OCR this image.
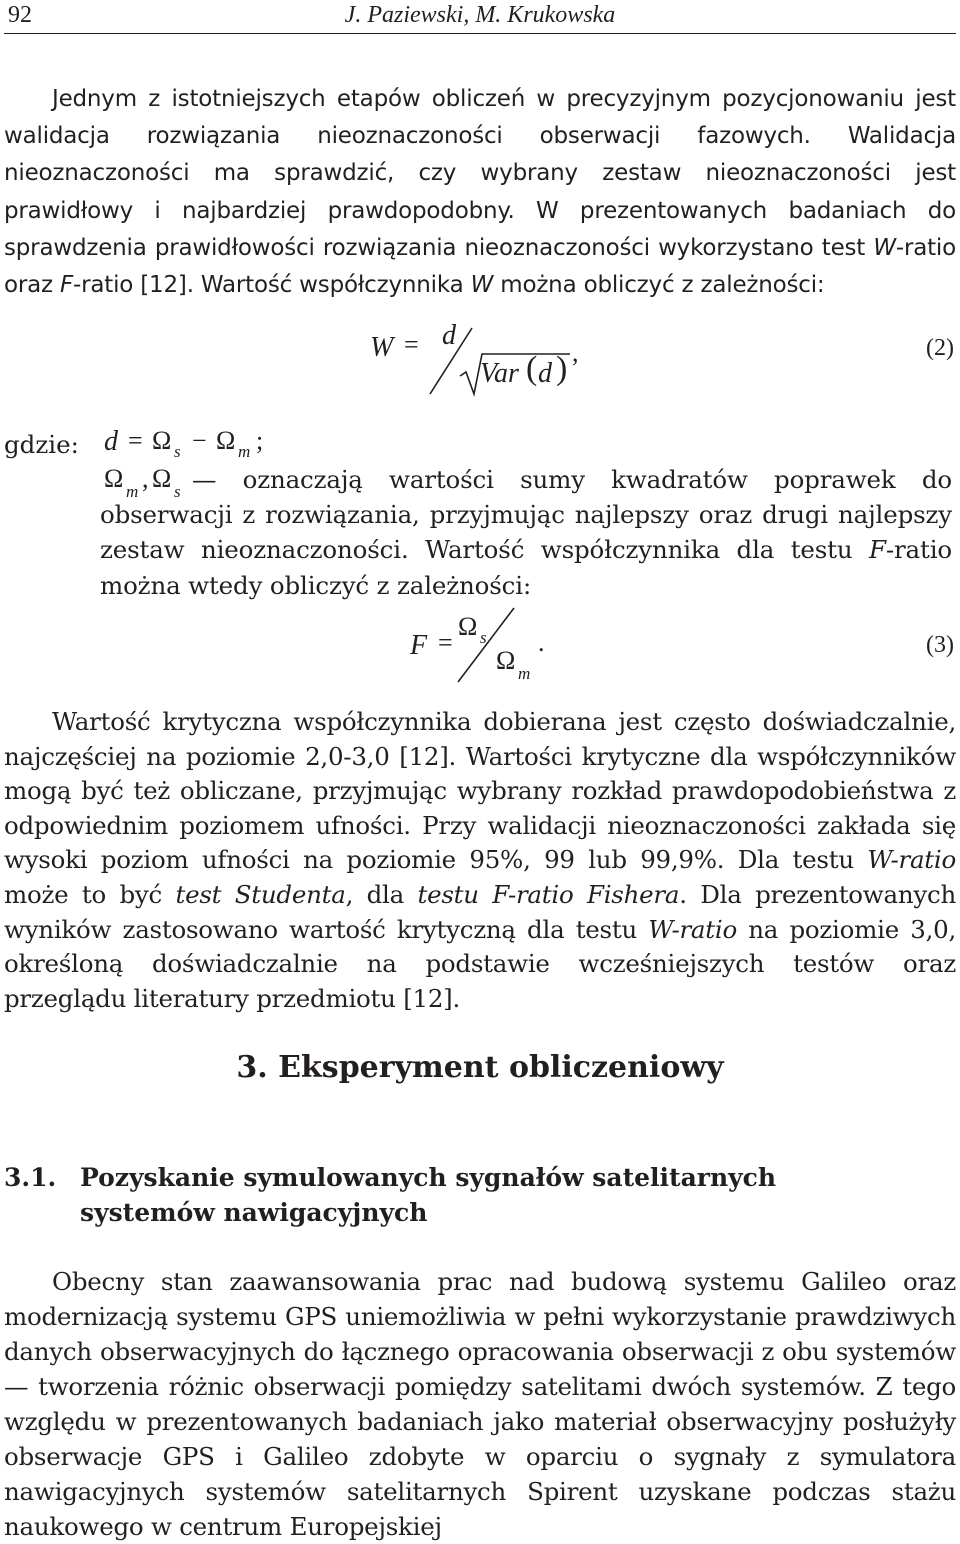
92	J. Paziewski, M. Krukowska

Jednym z istotniejszych etapów obliczeń w precyzyjnym pozycjonowaniu jest walidacja rozwiązania nieoznaczoności obserwacji fazowych. Walidacja nieoznaczoności ma sprawdzić, czy wybrany zestaw nieoznaczoności jest prawidłowy i najbardziej prawdopodobny. W prezentowanych badaniach do sprawdzenia prawidłowości rozwiązania nieoznaczoności wykorzystano test W-ratio oraz F-ratio [12]. Wartość współczynnika W można obliczyć z zależności:

W = d
Var ( d ) ,	(2)
gdzie: d = Ω s − Ω m ;
Ω m , Ω s — oznaczają wartości sumy kwadratów poprawek do obserwacji z rozwiązania, przyjmując najlepszy oraz drugi najlepszy zestaw nieoznaczoności. Wartość współczynnika dla testu F-ratio można wtedy obliczyć z zależności:

F =
Ω s
Ω m
.	(3)

Wartość krytyczna współczynnika dobierana jest często doświadczalnie, najczęściej na poziomie 2,0-3,0 [12]. Wartości krytyczne dla współczynników mogą być też obliczane, przyjmując wybrany rozkład prawdopodobieństwa z odpowiednim poziomem ufności. Przy walidacji nieoznaczoności zakłada się wysoki poziom ufności na poziomie 95%, 99 lub 99,9%. Dla testu W-ratio może to być test Studenta, dla testu F-ratio Fishera. Dla prezentowanych wyników zastosowano wartość krytyczną dla testu W-ratio na poziomie 3,0, określoną doświadczalnie na podstawie wcześniejszych testów oraz przeglądu literatury przedmiotu [12].

3. Eksperyment obliczeniowy
3.1. Pozyskanie symulowanych sygnałów satelitarnych systemów nawigacyjnych

Obecny stan zaawansowania prac nad budową systemu Galileo oraz modernizacją systemu GPS uniemożliwia w pełni wykorzystanie prawdziwych danych obserwacyjnych do łącznego opracowania obserwacji z obu systemów — tworzenia różnic obserwacji pomiędzy satelitami dwóch systemów. Z tego względu w prezentowanych badaniach jako materiał obserwacyjny posłużyły obserwacje GPS i Galileo zdobyte w oparciu o sygnały z symulatora nawigacyjnych systemów satelitarnych Spirent uzyskane podczas stażu naukowego w centrum Europejskiej
